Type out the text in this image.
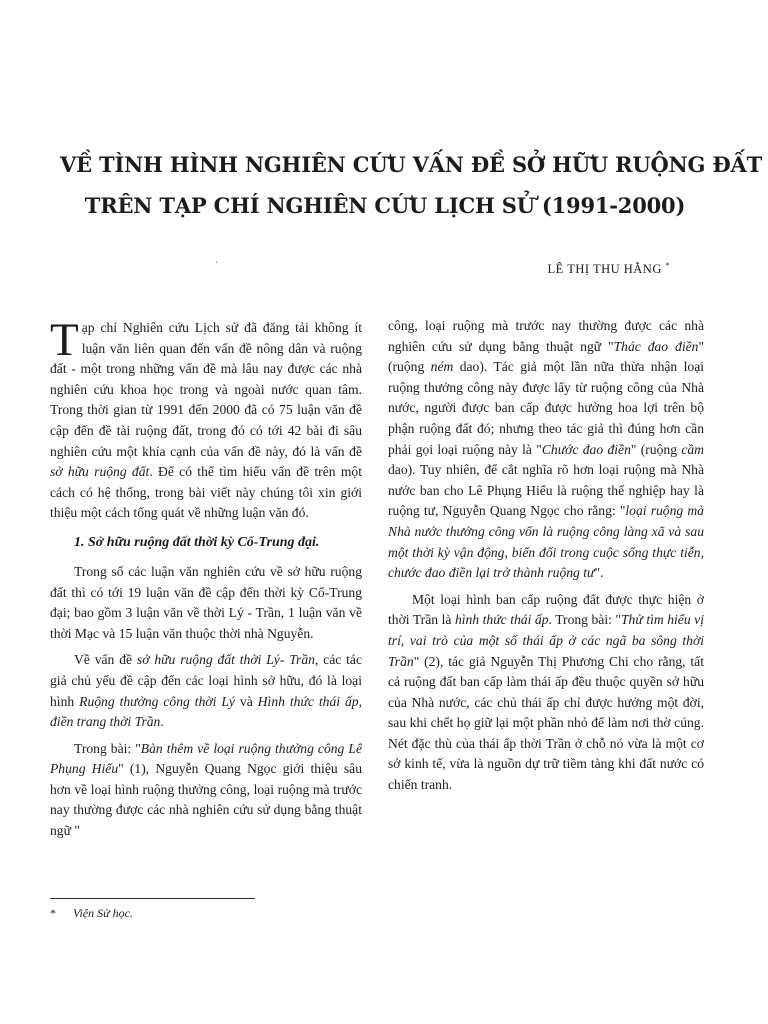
VỀ TÌNH HÌNH NGHIÊN CỨU VẤN ĐỀ SỞ HỮU RUỘNG ĐẤT
TRÊN TẠP CHÍ NGHIÊN CỨU LỊCH SỬ (1991-2000)
·	LÊ THỊ THU HẰNG *

Tạp chí Nghiên cứu Lịch sử đã đăng tải không ít luận văn liên quan đến vấn đề nông dân và ruộng đất - một trong những vấn đề mà lâu nay được các nhà nghiên cứu khoa học trong và ngoài nước quan tâm. Trong thời gian từ 1991 đến 2000 đã có 75 luận văn đề cập đến đề tài ruộng đất, trong đó có tới 42 bài đi sâu nghiên cứu một khía cạnh của vấn đề này, đó là vấn đề sở hữu ruộng đất. Để có thể tìm hiểu vấn đề trên một cách có hệ thống, trong bài viết này chúng tôi xin giới thiệu một cách tổng quát về những luận văn đó.

1. Sở hữu ruộng đất thời kỳ Cổ-Trung đại.

Trong số các luận văn nghiên cứu về sở hữu ruộng đất thì có tới 19 luận văn đề cập đến thời kỳ Cổ-Trung đại; bao gồm 3 luận văn về thời Lý - Trần, 1 luận văn về thời Mạc và 15 luận văn thuộc thời nhà Nguyễn.

Về vấn đề sở hữu ruộng đất thời Lý- Trần, các tác giả chủ yếu đề cập đến các loại hình sở hữu, đó là loại hình Ruộng thưởng công thời Lý và Hình thức thái ấp, điền trang thời Trần.

Trong bài: "Bàn thêm về loại ruộng thưởng công Lê Phụng Hiểu" (1), Nguyễn Quang Ngọc giới thiệu sâu hơn về loại hình ruộng thưởng công, loại ruộng mà trước nay thường được các nhà nghiên cứu sử dụng bằng thuật ngữ "

công, loại ruộng mà trước nay thường được các nhà nghiên cứu sử dụng bằng thuật ngữ "Thác đao điền" (ruộng ném dao). Tác giả một lần nữa thừa nhận loại ruộng thưởng công này được lấy từ ruộng công của Nhà nước, người được ban cấp được hưởng hoa lợi trên bộ phận ruộng đất đó; nhưng theo tác giả thì đúng hơn cần phải gọi loại ruộng này là "Chước đao điền" (ruộng cầm dao). Tuy nhiên, để cắt nghĩa rõ hơn loại ruộng mà Nhà nước ban cho Lê Phụng Hiểu là ruộng thế nghiệp hay là ruộng tư, Nguyễn Quang Ngọc cho rằng: "loại ruộng mà Nhà nước thưởng công vốn là ruộng công làng xã và sau một thời kỳ vận động, biến đổi trong cuộc sống thực tiễn, chước đao điền lại trở thành ruộng tư".

Một loại hình ban cấp ruộng đất được thực hiện ở thời Trần là hình thức thái ấp. Trong bài: "Thử tìm hiểu vị trí, vai trò của một số thái ấp ở các ngã ba sông thời Trần" (2), tác giả Nguyễn Thị Phương Chi cho rằng, tất cả ruộng đất ban cấp làm thái ấp đều thuộc quyền sở hữu của Nhà nước, các chủ thái ấp chỉ được hưởng một đời, sau khi chết họ giữ lại một phần nhỏ để làm nơi thờ cúng. Nét đặc thù của thái ấp thời Trần ở chỗ nó vừa là một cơ sở kinh tế, vừa là nguồn dự trữ tiềm tàng khi đất nước có chiến tranh.

* Viện Sử học.
